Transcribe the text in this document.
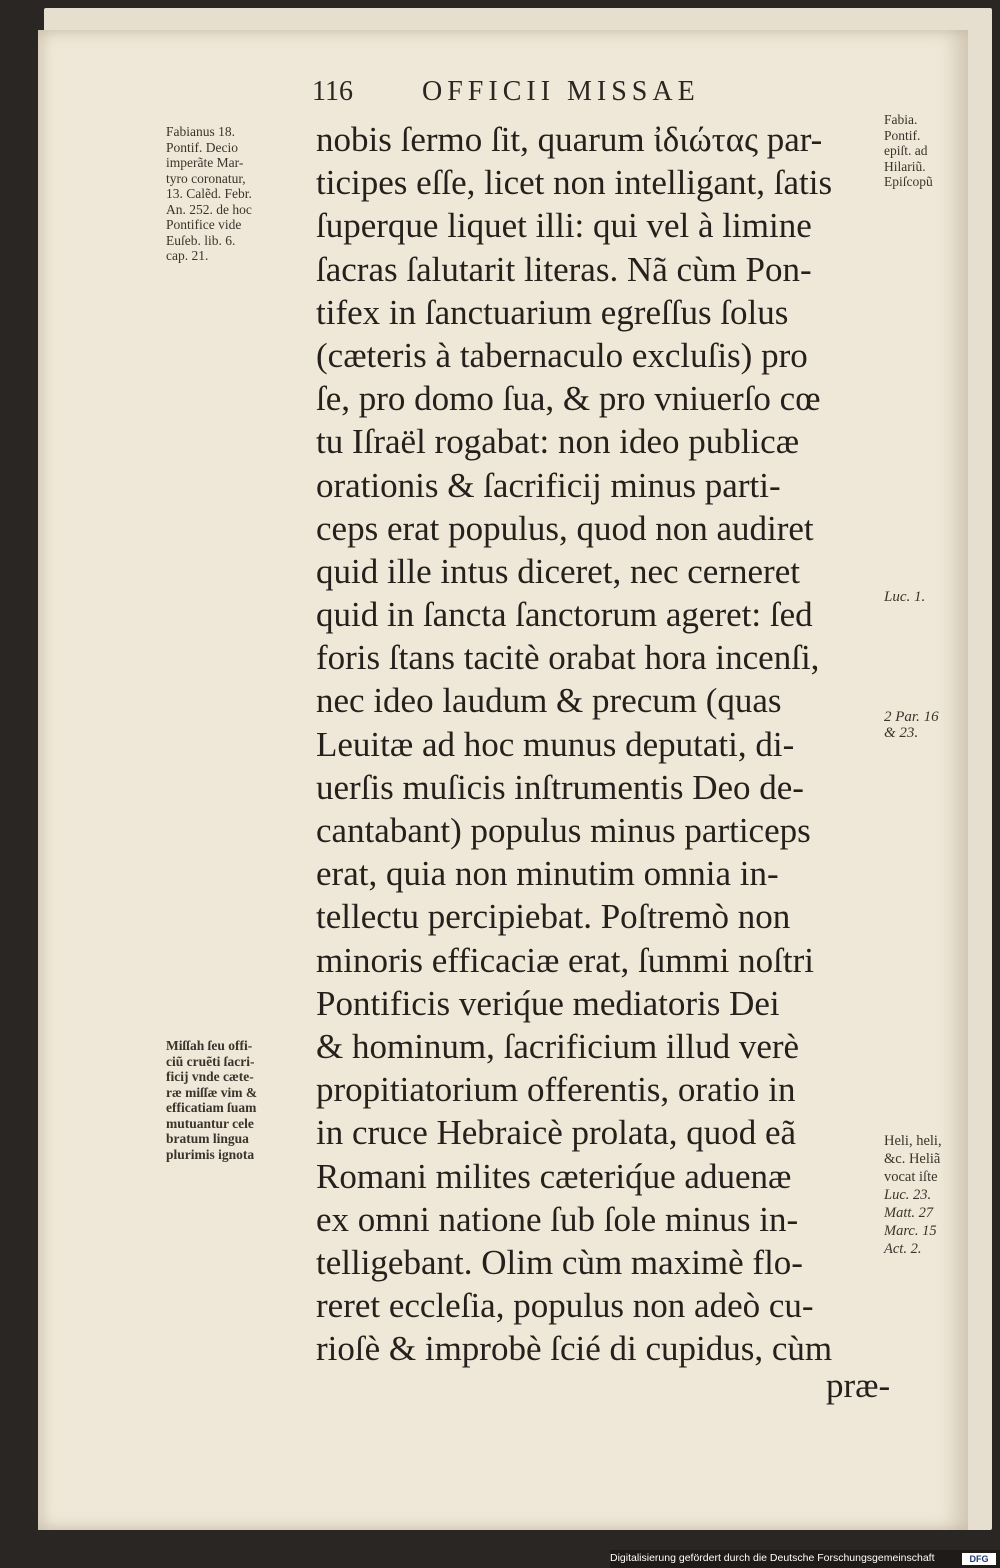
116 OFFICII MISSAE
nobis ſermo ſit, quarum ἰδιώτας par-
ticipes eſſe, licet non intelligant, ſatis
ſuperque liquet illi: qui vel à limine
ſacras ſalutarit literas. Nã cùm Pon-
tifex in ſanctuarium egreſſus ſolus
(cæteris à tabernaculo excluſis) pro
ſe, pro domo ſua, & pro vniuerſo cœ
tu Iſraël rogabat: non ideo publicæ
orationis & ſacrificij minus parti-
ceps erat populus, quod non audiret
quid ille intus diceret, nec cerneret
quid in ſancta ſanctorum ageret: ſed
foris ſtans tacitè orabat hora incenſi,
nec ideo laudum & precum (quas
Leuitæ ad hoc munus deputati, di-
uerſis muſicis inſtrumentis Deo de-
cantabant) populus minus particeps
erat, quia non minutim omnia in-
tellectu percipiebat. Poſtremò non
minoris efficaciæ erat, ſummi noſtri
Pontificis veriq́ue mediatoris Dei
& hominum, ſacrificium illud verè
propitiatorium offerentis, oratio in
in cruce Hebraicè prolata, quod eã
Romani milites cæteriq́ue aduenæ
ex omni natione ſub ſole minus in-
telligebant. Olim cùm maximè flo-
reret eccleſia, populus non adeò cu-
rioſè & improbè ſcié di cupidus, cùm
præ-
Fabianus 18.
Pontif. Decio
imperãte Mar-
tyro coronatur,
13. Calẽd. Febr.
An. 252. de hoc
Pontifice vide
Euſeb. lib. 6.
cap. 21.
Miſſah ſeu offi-
ciũ cruẽti ſacri-
ficij vnde cæte-
ræ miſſæ vim &
efficatiam ſuam
mutuantur cele
bratum lingua
plurimis ignota
Fabia.
Pontif.
epiſt. ad
Hilariũ.
Epiſcopũ
Luc. 1.
2 Par. 16
& 23.
Heli, heli,
&c. Heliã
vocat iſte
Luc. 23.
Matt. 27
Marc. 15
Act. 2.
Digitalisierung gefördert durch die Deutsche Forschungsgemeinschaft	DFG
